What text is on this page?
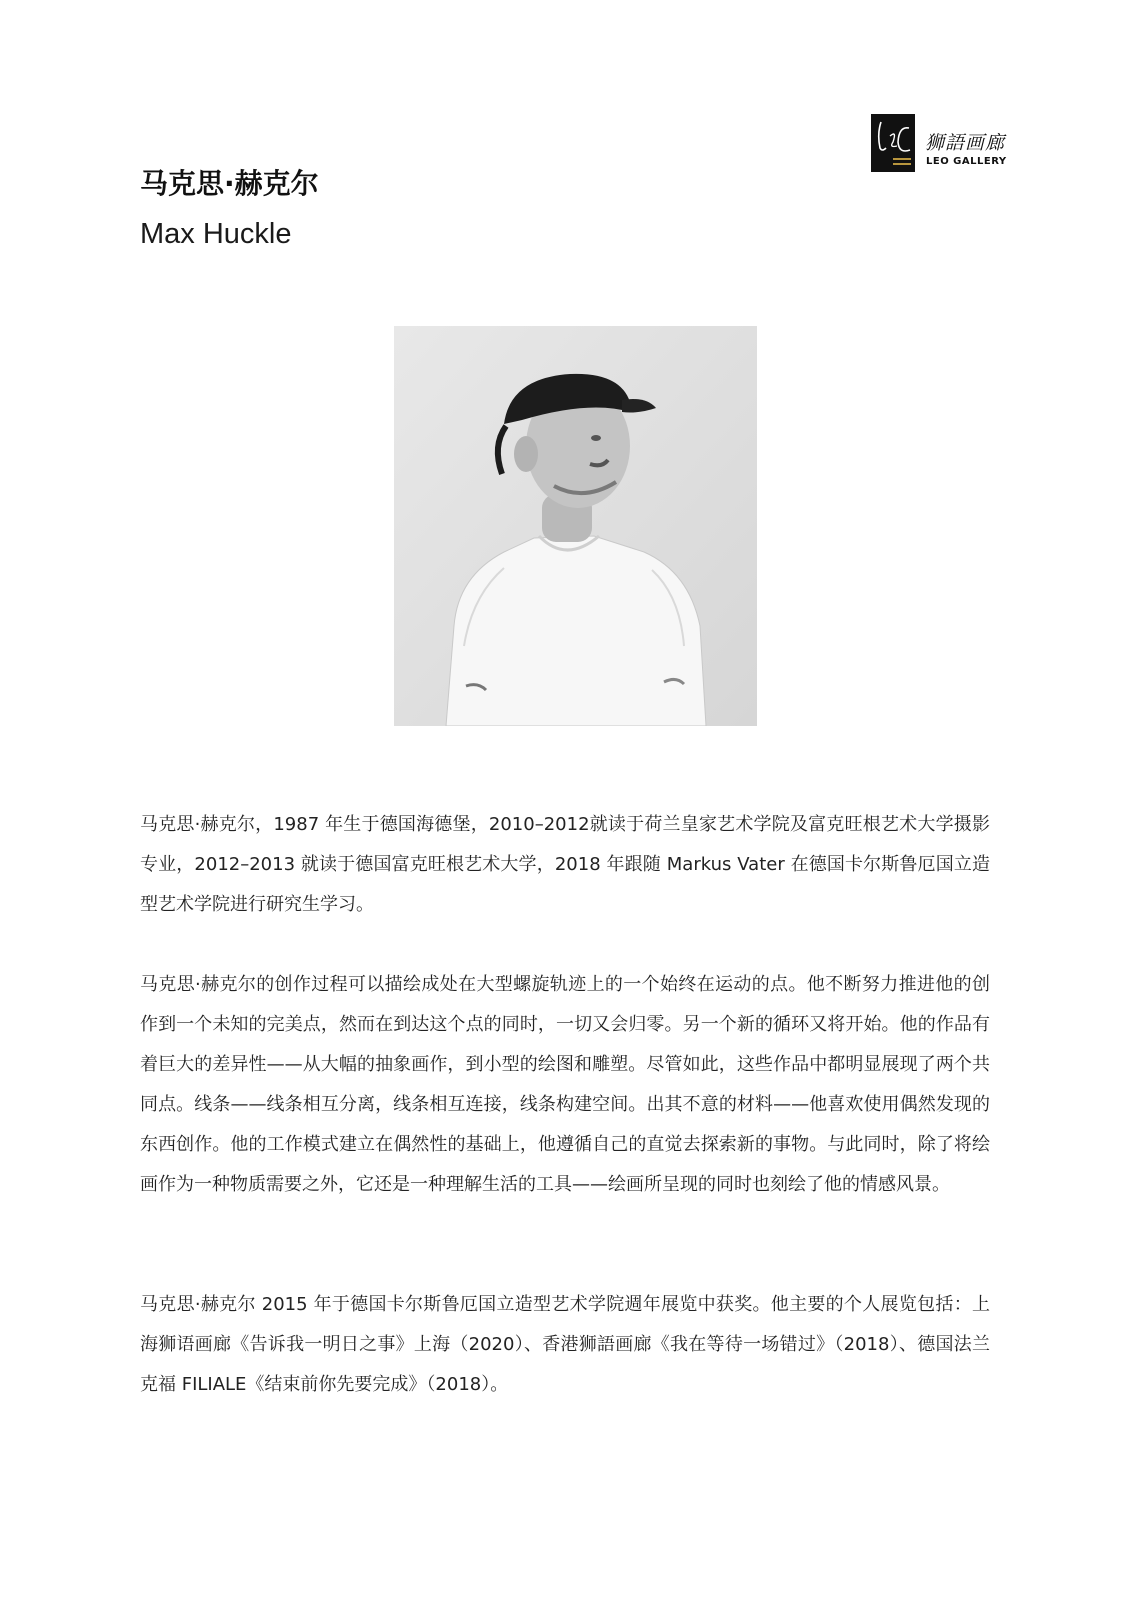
狮語画廊
LEO GALLERY
马克思·赫克尔
Max Huckle

马克思·赫克尔，1987 年生于德国海德堡，2010–2012就读于荷兰皇家艺术学院及富克旺根艺术大学摄影专业，2012–2013 就读于德国富克旺根艺术大学，2018 年跟随 Markus Vater 在德国卡尔斯鲁厄国立造型艺术学院进行研究生学习。

马克思·赫克尔的创作过程可以描绘成处在大型螺旋轨迹上的一个始终在运动的点。他不断努力推进他的创作到一个未知的完美点，然而在到达这个点的同时，一切又会归零。另一个新的循环又将开始。他的作品有着巨大的差异性——从大幅的抽象画作，到小型的绘图和雕塑。尽管如此，这些作品中都明显展现了两个共同点。线条——线条相互分离，线条相互连接，线条构建空间。出其不意的材料——他喜欢使用偶然发现的东西创作。他的工作模式建立在偶然性的基础上，他遵循自己的直觉去探索新的事物。与此同时，除了将绘画作为一种物质需要之外，它还是一种理解生活的工具——绘画所呈现的同时也刻绘了他的情感风景。

马克思·赫克尔 2015 年于德国卡尔斯鲁厄国立造型艺术学院週年展览中获奖。他主要的个人展览包括：上海狮语画廊《告诉我一明日之事》上海（2020）、香港狮語画廊《我在等待一场错过》（2018）、德国法兰克福 FILIALE《结束前你先要完成》（2018）。
